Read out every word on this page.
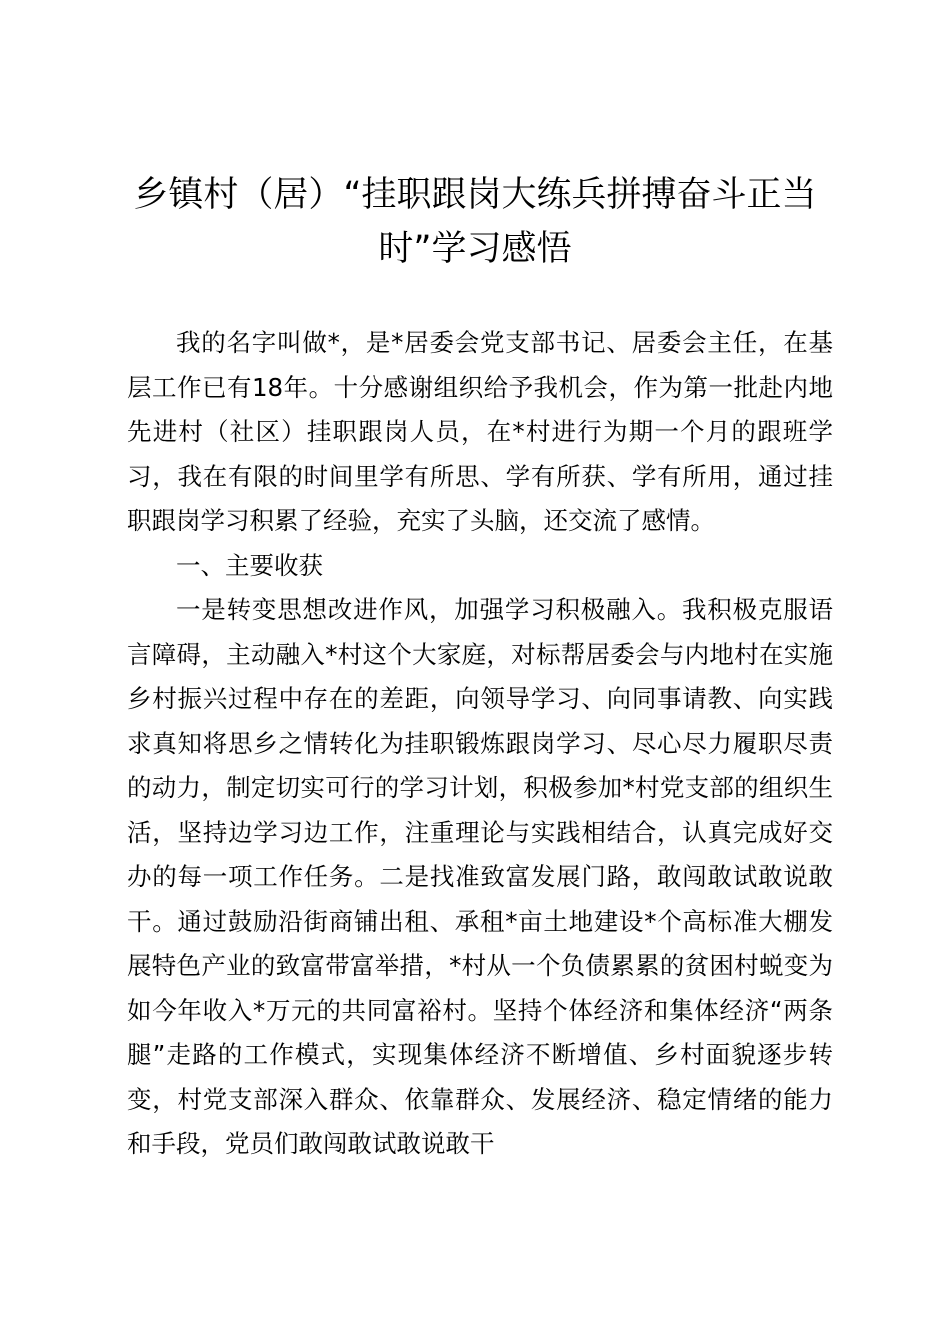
乡镇村（居）“挂职跟岗大练兵拼搏奋斗正当
时”学习感悟

我的名字叫做*，是*居委会党支部书记、居委会主任，在基层工作已有18年。十分感谢组织给予我机会，作为第一批赴内地先进村（社区）挂职跟岗人员，在*村进行为期一个月的跟班学习，我在有限的时间里学有所思、学有所获、学有所用，通过挂职跟岗学习积累了经验，充实了头脑，还交流了感情。

一、主要收获

一是转变思想改进作风，加强学习积极融入。我积极克服语言障碍，主动融入*村这个大家庭，对标帮居委会与内地村在实施乡村振兴过程中存在的差距，向领导学习、向同事请教、向实践求真知将思乡之情转化为挂职锻炼跟岗学习、尽心尽力履职尽责的动力，制定切实可行的学习计划，积极参加*村党支部的组织生活，坚持边学习边工作，注重理论与实践相结合，认真完成好交办的每一项工作任务。二是找准致富发展门路，敢闯敢试敢说敢干。通过鼓励沿街商铺出租、承租*亩土地建设*个高标准大棚发展特色产业的致富带富举措，*村从一个负债累累的贫困村蜕变为如今年收入*万元的共同富裕村。坚持个体经济和集体经济“两条腿”走路的工作模式，实现集体经济不断增值、乡村面貌逐步转变，村党支部深入群众、依靠群众、发展经济、稳定情绪的能力和手段，党员们敢闯敢试敢说敢干
